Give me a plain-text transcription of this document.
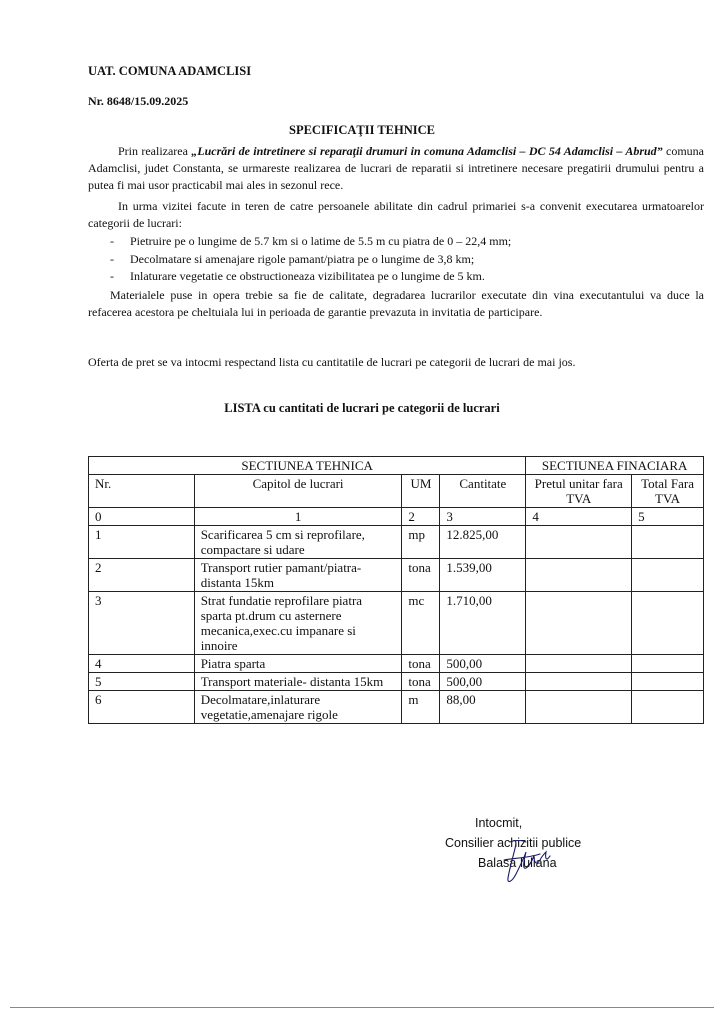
UAT. COMUNA ADAMCLISI
Nr. 8648/15.09.2025
SPECIFICAŢII TEHNICE
Prin realizarea „Lucrări de intretinere si reparaţii drumuri in comuna Adamclisi – DC 54 Adamclisi – Abrud” comuna Adamclisi, judet Constanta, se urmareste realizarea de lucrari de reparatii si intretinere necesare pregatirii drumului pentru a putea fi mai usor practicabil mai ales in sezonul rece.
In urma vizitei facute in teren de catre persoanele abilitate din cadrul primariei s-a convenit executarea urmatoarelor categorii de lucrari:
- Pietruire pe o lungime de 5.7 km si o latime de 5.5 m cu piatra de 0 – 22,4 mm;
- Decolmatare si amenajare rigole pamant/piatra pe o lungime de 3,8 km;
- Inlaturare vegetatie ce obstructioneaza vizibilitatea pe o lungime de 5 km.
Materialele puse in opera trebie sa fie de calitate, degradarea lucrarilor executate din vina executantului va duce la refacerea acestora pe cheltuiala lui in perioada de garantie prevazuta in invitatia de participare.
Oferta de pret se va intocmi respectand lista cu cantitatile de lucrari pe categorii de lucrari de mai jos.
LISTA cu cantitati de lucrari pe categorii de lucrari
SECTIUNEA TEHNICA				SECTIUNEA FINACIARA	
Nr.	Capitol de lucrari	UM	Cantitate	Pretul unitar fara TVA	Total Fara TVA
0	1	2	3	4	5
1	Scarificarea 5 cm si reprofilare, compactare si udare	mp	12.825,00		
2	Transport rutier pamant/piatra-distanta 15km	tona	1.539,00		
3	Strat fundatie reprofilare piatra sparta pt.drum cu asternere mecanica,exec.cu impanare si innoire	mc	1.710,00		
4	Piatra sparta	tona	500,00		
5	Transport materiale- distanta 15km	tona	500,00		
6	Decolmatare,inlaturare vegetatie,amenajare rigole	m	88,00		
Intocmit,
Consilier achizitii publice
Balasa Iuliana
